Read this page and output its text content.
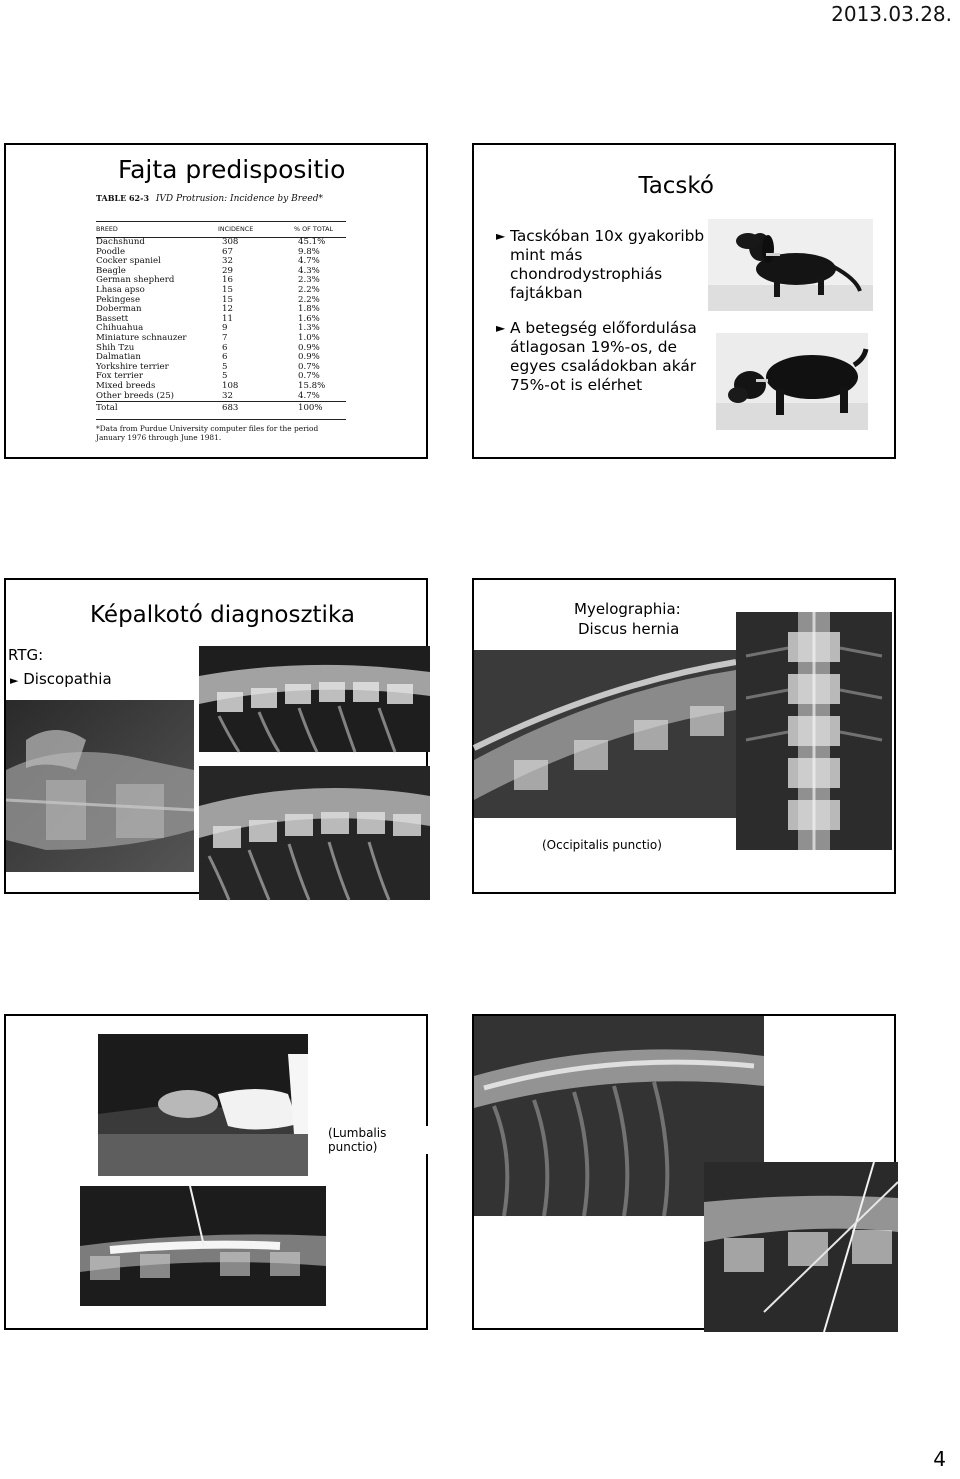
2013.03.28.
Fajta predispositio
TABLE 62-3 IVD Protrusion: Incidence by Breed*
BREED	INCIDENCE	% OF TOTAL
Dachshund	308	45.1%
Poodle	67	9.8%
Cocker spaniel	32	4.7%
Beagle	29	4.3%
German shepherd	16	2.3%
Lhasa apso	15	2.2%
Pekingese	15	2.2%
Doberman	12	1.8%
Bassett	11	1.6%
Chihuahua	9	1.3%
Miniature schnauzer	7	1.0%
Shih Tzu	6	0.9%
Dalmatian	6	0.9%
Yorkshire terrier	5	0.7%
Fox terrier	5	0.7%
Mixed breeds	108	15.8%
Other breeds (25)	32	4.7%
Total	683	100%
*Data from Purdue University computer files for the period January 1976 through June 1981.
Tacskó
► Tacskóban 10x gyakoribb mint más chondrodystrophiás fajtákban
► A betegség előfordulása átlagosan 19%-os, de egyes családokban akár 75%-ot is elérhet
Képalkotó diagnosztika
RTG:
► Discopathia
Myelographia:
Discus hernia
(Occipitalis punctio)
(Lumbalis punctio)
4
